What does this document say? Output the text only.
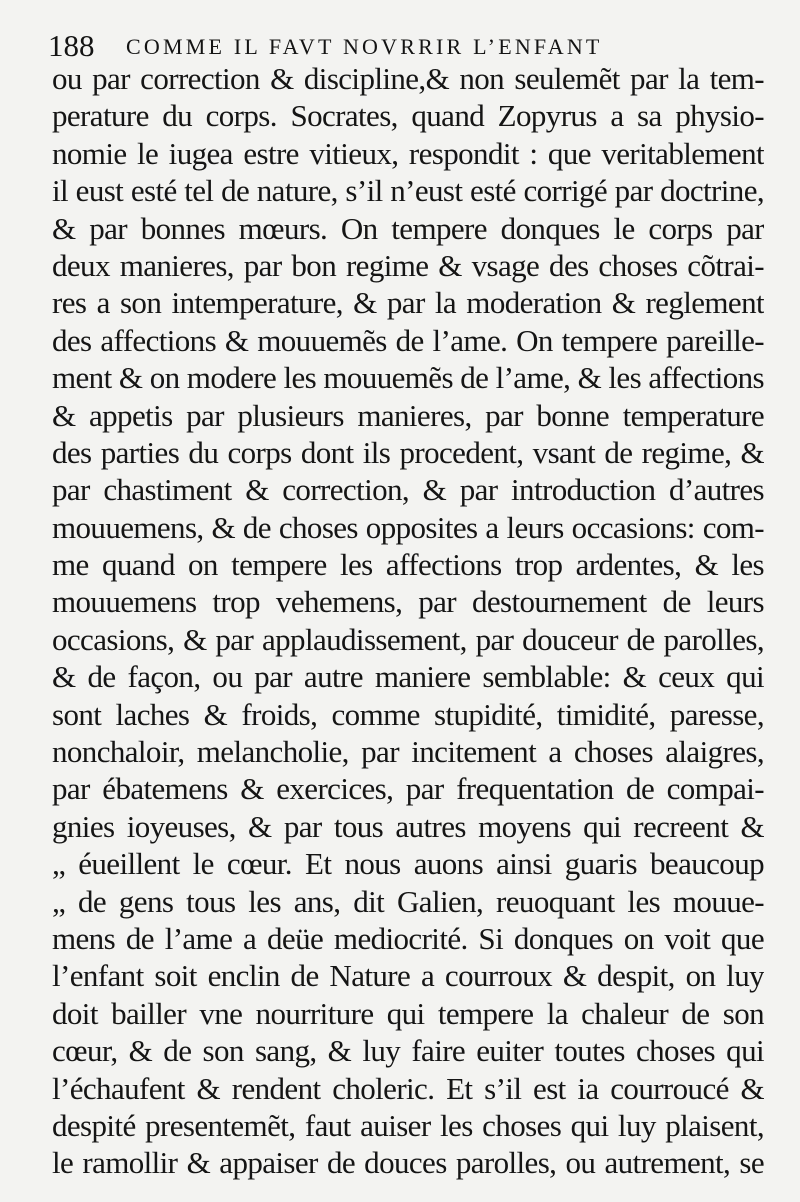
188 COMME IL FAVT NOVRRIR L’ENFANT
ou par correction & discipline,& non seulemẽt par la tem-
perature du corps. Socrates, quand Zopyrus a sa physio-
nomie le iugea estre vitieux, respondit : que veritablement
il eust esté tel de nature, s’il n’eust esté corrigé par doctrine,
& par bonnes mœurs. On tempere donques le corps par
deux manieres, par bon regime & vsage des choses cõtrai-
res a son intemperature, & par la moderation & reglement
des affections & mouuemẽs de l’ame. On tempere pareille-
ment & on modere les mouuemẽs de l’ame, & les affections
& appetis par plusieurs manieres, par bonne temperature
des parties du corps dont ils procedent, vsant de regime, &
par chastiment & correction, & par introduction d’autres
mouuemens, & de choses opposites a leurs occasions: com-
me quand on tempere les affections trop ardentes, & les
mouuemens trop vehemens, par destournement de leurs
occasions, & par applaudissement, par douceur de parolles,
& de façon, ou par autre maniere semblable: & ceux qui
sont laches & froids, comme stupidité, timidité, paresse,
nonchaloir, melancholie, par incitement a choses alaigres,
par ébatemens & exercices, par frequentation de compai-
gnies ioyeuses, & par tous autres moyens qui recreent &
„ éueillent le cœur. Et nous auons ainsi guaris beaucoup
„ de gens tous les ans, dit Galien, reuoquant les mouue-
mens de l’ame a deüe mediocrité. Si donques on voit que
l’enfant soit enclin de Nature a courroux & despit, on luy
doit bailler vne nourriture qui tempere la chaleur de son
cœur, & de son sang, & luy faire euiter toutes choses qui
l’échaufent & rendent choleric. Et s’il est ia courroucé &
despité presentemẽt, faut auiser les choses qui luy plaisent,
le ramollir & appaiser de douces parolles, ou autrement, se
